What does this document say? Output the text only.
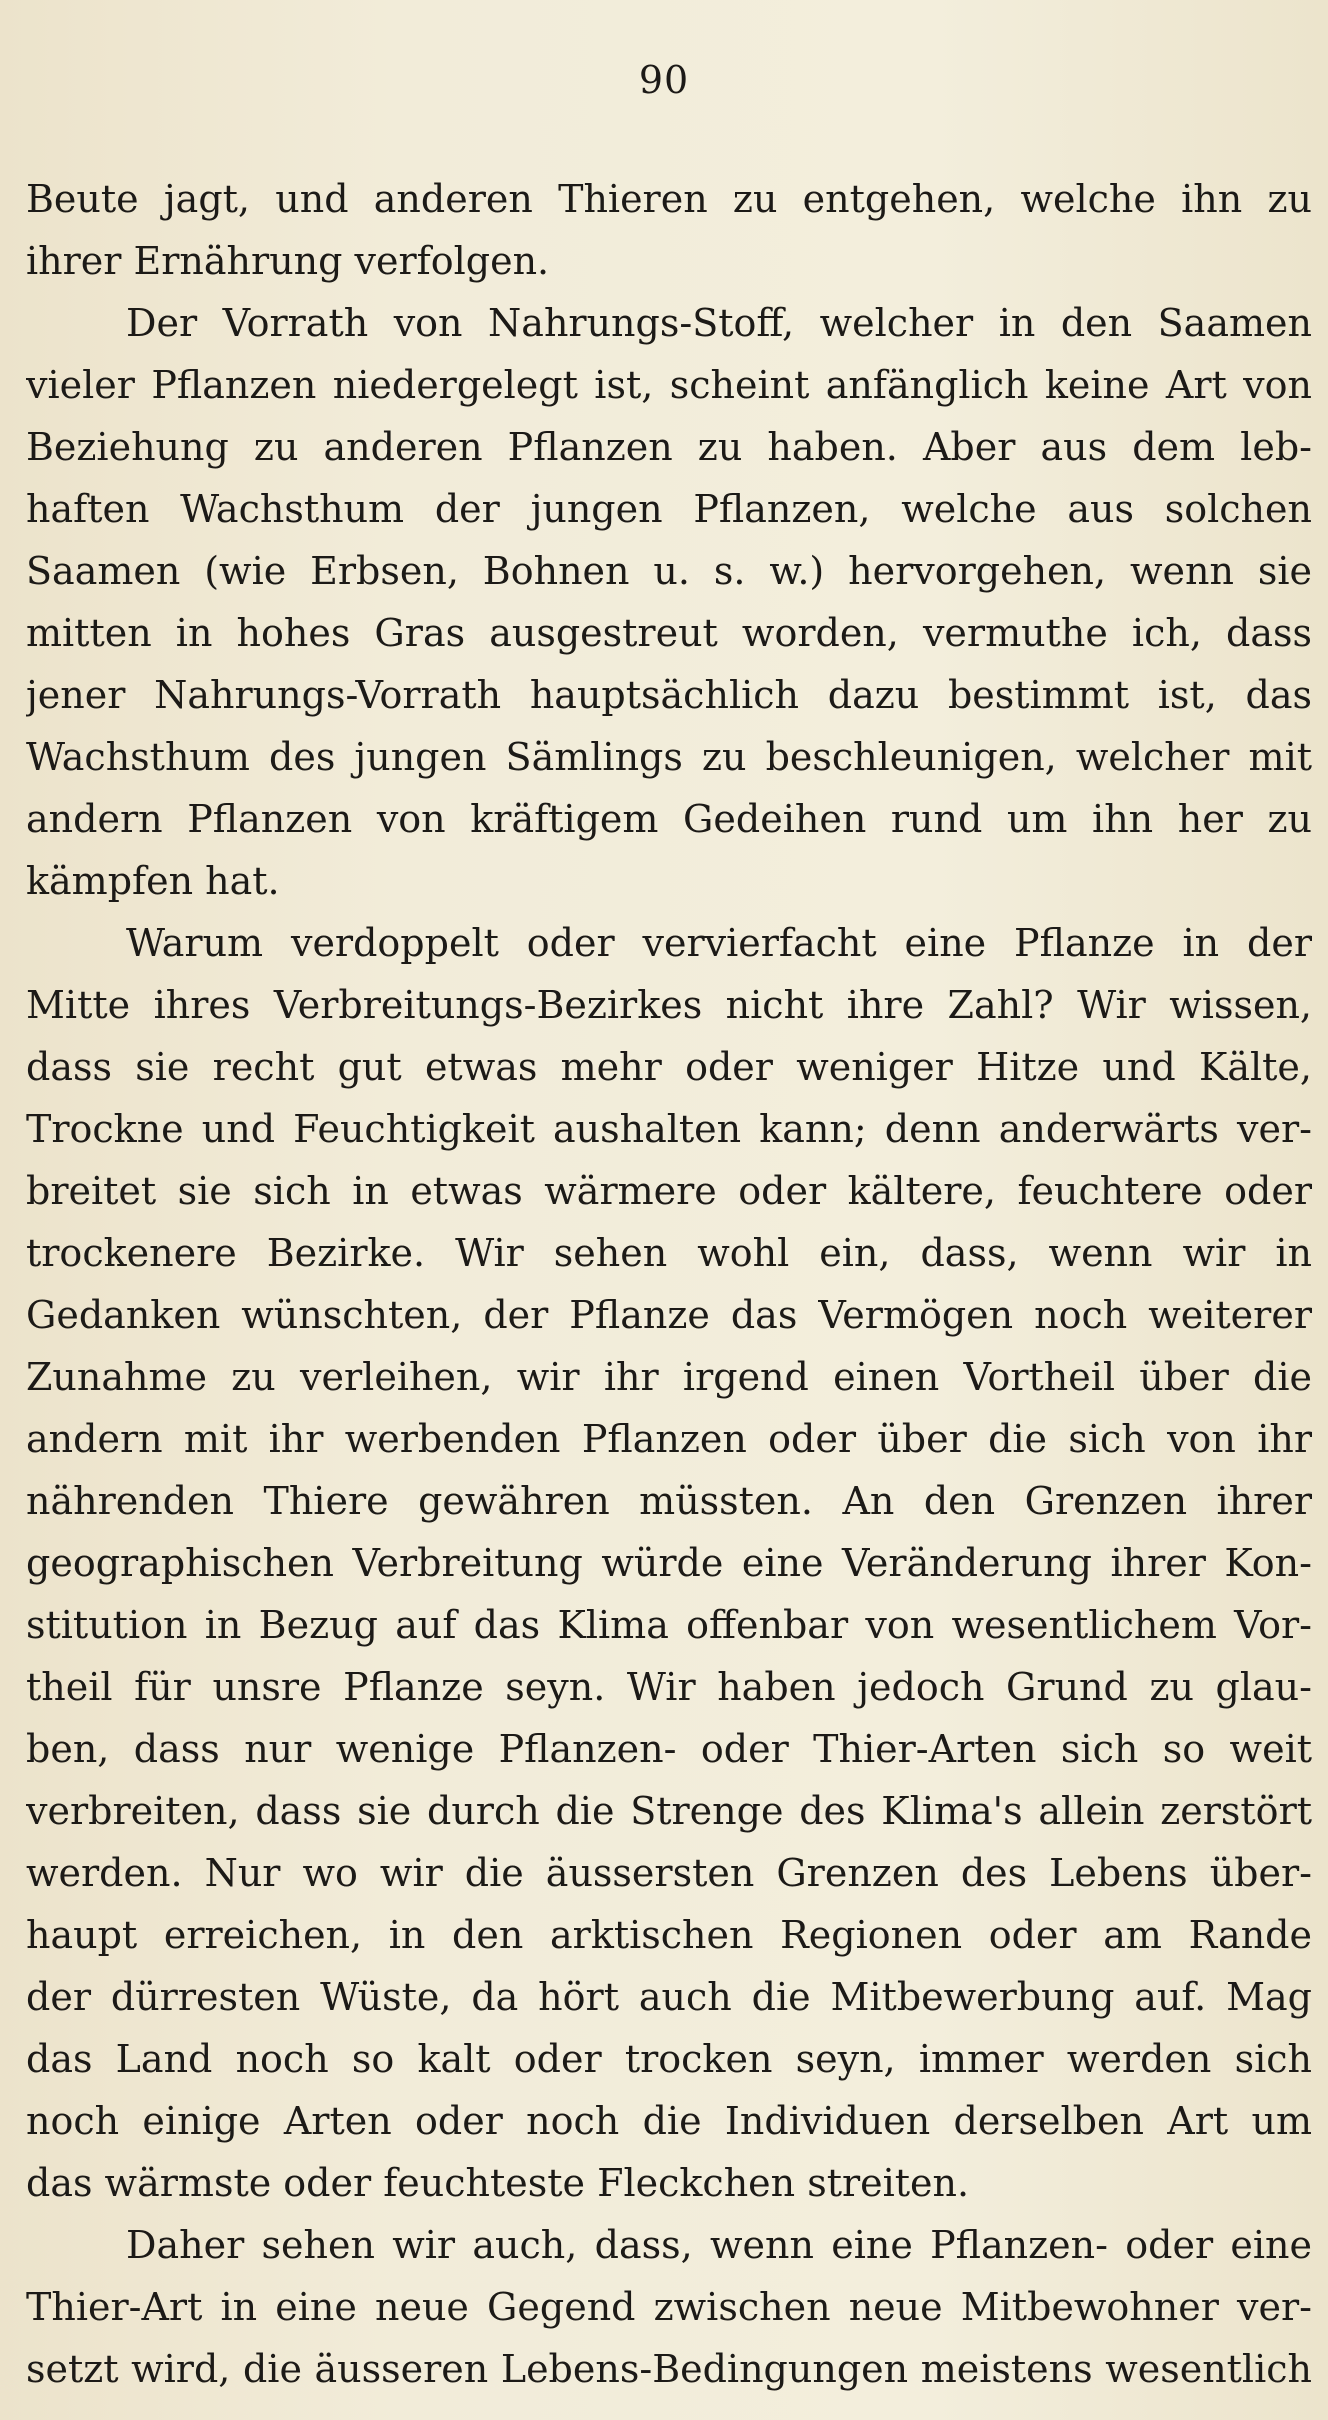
90
Beute jagt, und anderen Thieren zu entgehen, welche ihn zu
ihrer Ernährung verfolgen.
Der Vorrath von Nahrungs-Stoff, welcher in den Saamen
vieler Pflanzen niedergelegt ist, scheint anfänglich keine Art von
Beziehung zu anderen Pflanzen zu haben. Aber aus dem leb-
haften Wachsthum der jungen Pflanzen, welche aus solchen
Saamen (wie Erbsen, Bohnen u. s. w.) hervorgehen, wenn sie
mitten in hohes Gras ausgestreut worden, vermuthe ich, dass
jener Nahrungs-Vorrath hauptsächlich dazu bestimmt ist, das
Wachsthum des jungen Sämlings zu beschleunigen, welcher mit
andern Pflanzen von kräftigem Gedeihen rund um ihn her zu
kämpfen hat.
Warum verdoppelt oder vervierfacht eine Pflanze in der
Mitte ihres Verbreitungs-Bezirkes nicht ihre Zahl? Wir wissen,
dass sie recht gut etwas mehr oder weniger Hitze und Kälte,
Trockne und Feuchtigkeit aushalten kann; denn anderwärts ver-
breitet sie sich in etwas wärmere oder kältere, feuchtere oder
trockenere Bezirke. Wir sehen wohl ein, dass, wenn wir in
Gedanken wünschten, der Pflanze das Vermögen noch weiterer
Zunahme zu verleihen, wir ihr irgend einen Vortheil über die
andern mit ihr werbenden Pflanzen oder über die sich von ihr
nährenden Thiere gewähren müssten. An den Grenzen ihrer
geographischen Verbreitung würde eine Veränderung ihrer Kon-
stitution in Bezug auf das Klima offenbar von wesentlichem Vor-
theil für unsre Pflanze seyn. Wir haben jedoch Grund zu glau-
ben, dass nur wenige Pflanzen- oder Thier-Arten sich so weit
verbreiten, dass sie durch die Strenge des Klima's allein zerstört
werden. Nur wo wir die äussersten Grenzen des Lebens über-
haupt erreichen, in den arktischen Regionen oder am Rande
der dürresten Wüste, da hört auch die Mitbewerbung auf. Mag
das Land noch so kalt oder trocken seyn, immer werden sich
noch einige Arten oder noch die Individuen derselben Art um
das wärmste oder feuchteste Fleckchen streiten.
Daher sehen wir auch, dass, wenn eine Pflanzen- oder eine
Thier-Art in eine neue Gegend zwischen neue Mitbewohner ver-
setzt wird, die äusseren Lebens-Bedingungen meistens wesentlich
